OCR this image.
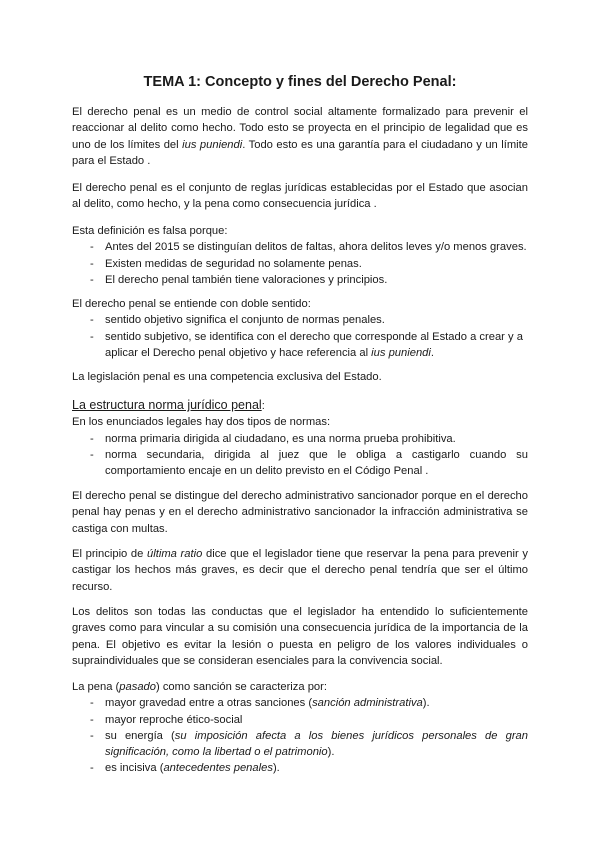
TEMA 1: Concepto y fines del Derecho Penal:

El derecho penal es un medio de control social altamente formalizado para prevenir el reaccionar al delito como hecho. Todo esto se proyecta en el principio de legalidad que es uno de los límites del ius puniendi. Todo esto es una garantía para el ciudadano y un límite para el Estado .

El derecho penal es el conjunto de reglas jurídicas establecidas por el Estado que asocian al delito, como hecho, y la pena como consecuencia jurídica .

Esta definición es falsa porque:
- Antes del 2015 se distinguían delitos de faltas, ahora delitos leves y/o menos graves.
- Existen medidas de seguridad no solamente penas.
- El derecho penal también tiene valoraciones y principios.
El derecho penal se entiende con doble sentido:
- sentido objetivo significa el conjunto de normas penales.
- sentido subjetivo, se identifica con el derecho que corresponde al Estado a crear y a
aplicar el Derecho penal objetivo y hace referencia al ius puniendi.

La legislación penal es una competencia exclusiva del Estado.

La estructura norma jurídico penal:
En los enunciados legales hay dos tipos de normas:
- norma primaria dirigida al ciudadano, es una norma prueba prohibitiva.
- norma secundaria, dirigida al juez que le obliga a castigarlo cuando su
comportamiento encaje en un delito previsto en el Código Penal .

El derecho penal se distingue del derecho administrativo sancionador porque en el derecho penal hay penas y en el derecho administrativo sancionador la infracción administrativa se castiga con multas.

El principio de última ratio dice que el legislador tiene que reservar la pena para prevenir y castigar los hechos más graves, es decir que el derecho penal tendría que ser el último recurso.

Los delitos son todas las conductas que el legislador ha entendido lo suficientemente graves como para vincular a su comisión una consecuencia jurídica de la importancia de la pena. El objetivo es evitar la lesión o puesta en peligro de los valores individuales o supraindividuales que se consideran esenciales para la convivencia social.

La pena (pasado) como sanción se caracteriza por:
- mayor gravedad entre a otras sanciones (sanción administrativa).
- mayor reproche ético-social
- su energía (su imposición afecta a los bienes jurídicos personales de gran
significación, como la libertad o el patrimonio).
- es incisiva (antecedentes penales).
